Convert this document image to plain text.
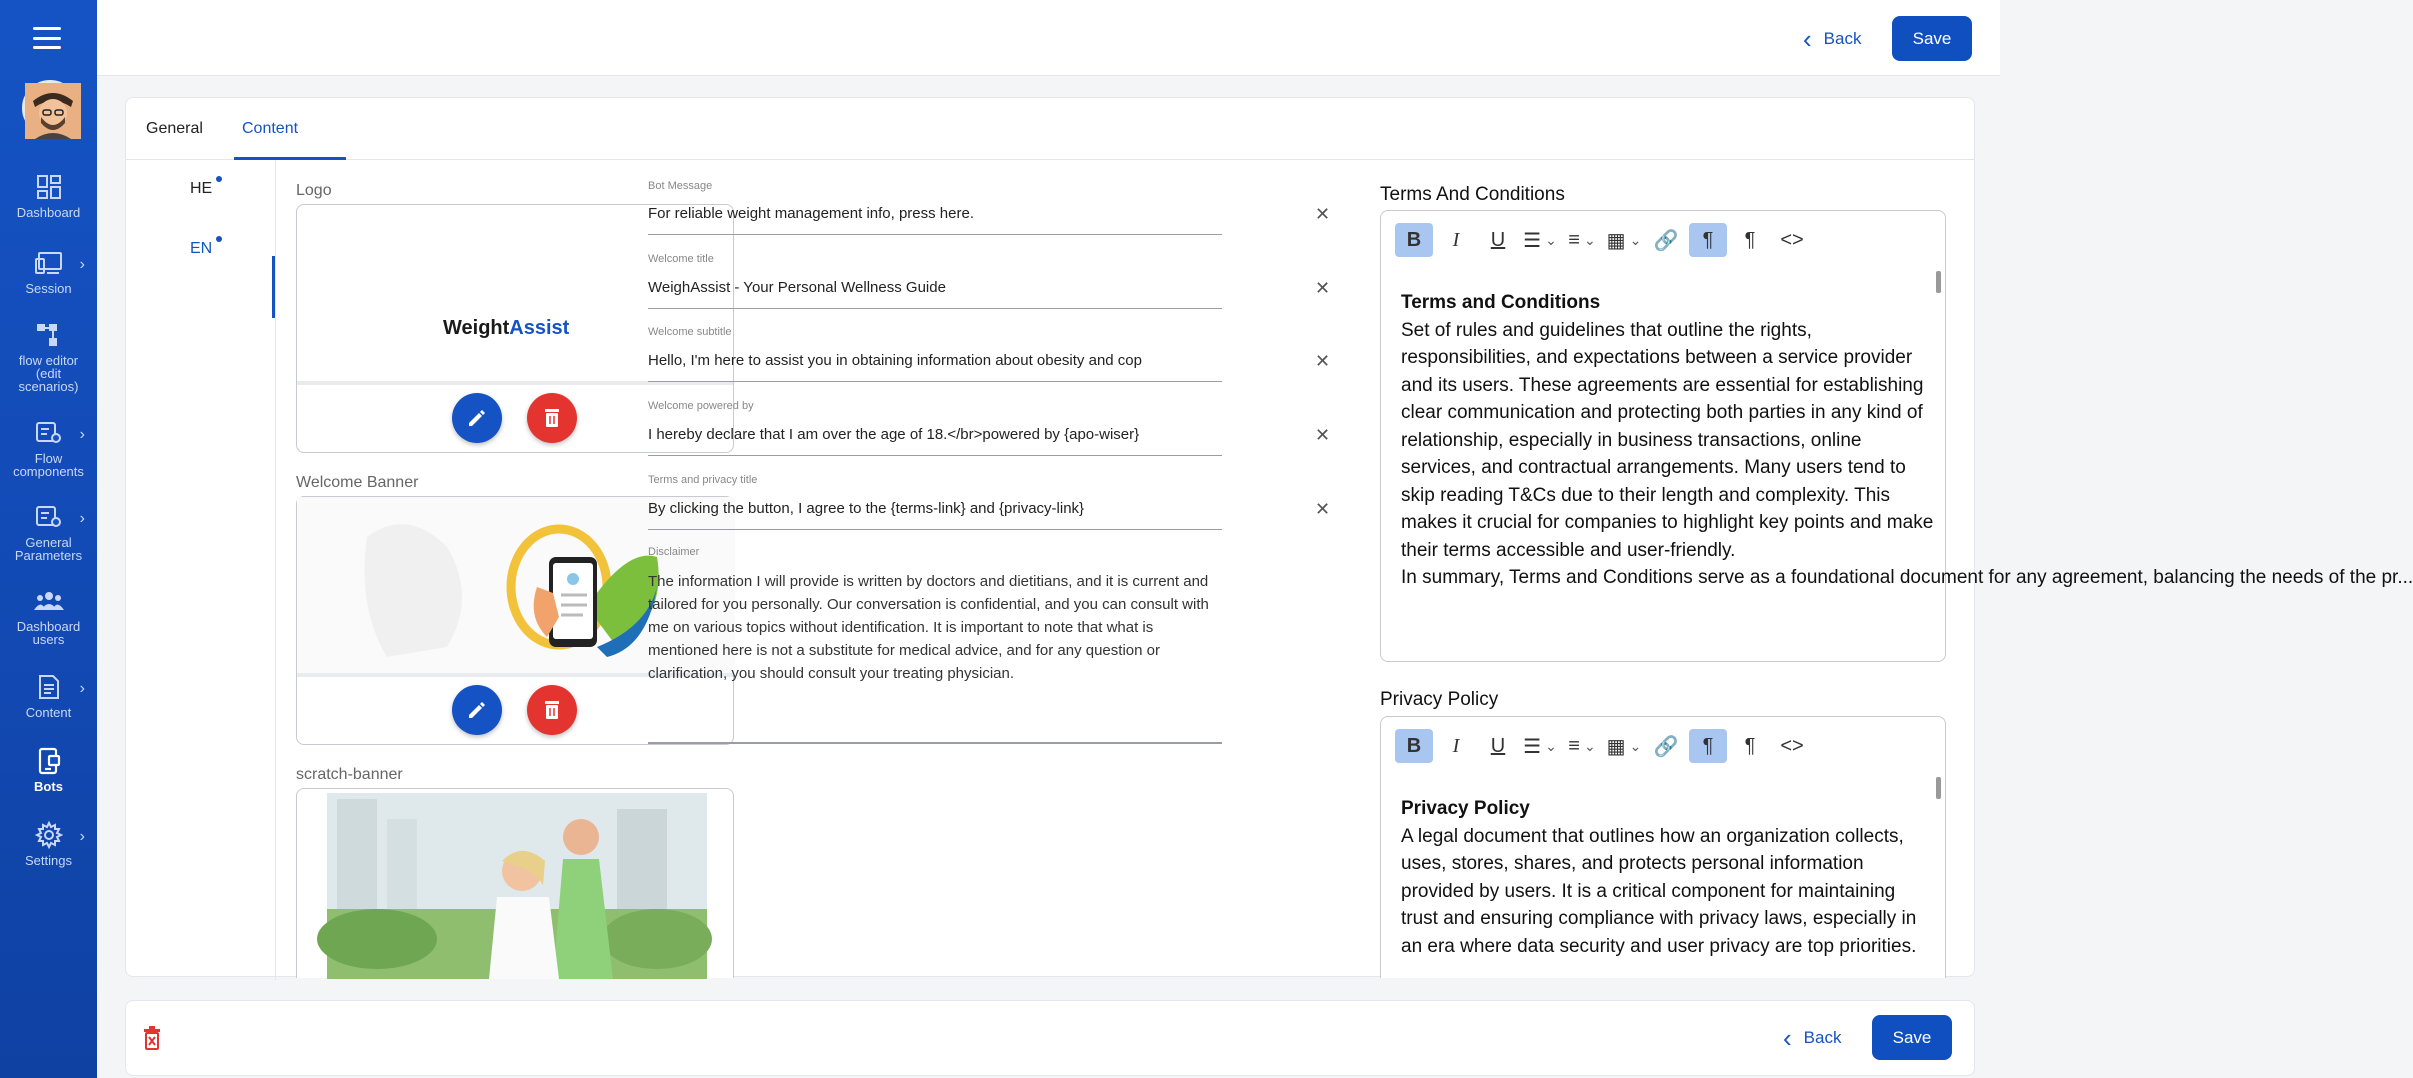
Dashboard
Session
›
flow editor (edit scenarios)
Flow components
›
General Parameters
›
Dashboard users
Content
›
Bots
Settings
›
‹ Back	Save
General Content
HE
EN
Logo
WeightAssist
Welcome Banner
scratch-banner
Bot Message
For reliable weight management info, press here.	✕
Welcome title
WeighAssist - Your Personal Wellness Guide	✕
Welcome subtitle
Hello, I'm here to assist you in obtaining information about obesity and cop	✕
Welcome powered by
I hereby declare that I am over the age of 18.</br>powered by {apo-wiser}	✕
Terms and privacy title
By clicking the button, I agree to the {terms-link} and {privacy-link}	✕
Disclaimer
The information I will provide is written by doctors and dietitians, and it is current and tailored for you personally. Our conversation is confidential, and you can consult with me on various topics without identification. It is important to note that what is mentioned here is not a substitute for medical advice, and for any question or clarification, you should consult your treating physician.
Terms And Conditions
B	I	U ☰ ⌄ ≡ ⌄ ▦ ⌄ 🔗 ¶ ¶ <>
Terms and Conditions
Set of rules and guidelines that outline the rights, responsibilities, and expectations between a service provider and its users. These agreements are essential for establishing clear communication and protecting both parties in any kind of relationship, especially in business transactions, online services, and contractual arrangements. Many users tend to skip reading T&Cs due to their length and complexity. This makes it crucial for companies to highlight key points and make their terms accessible and user-friendly.
In summary, Terms and Conditions serve as a foundational document for any agreement, balancing the needs of the pr...
Privacy Policy
B	I	U ☰ ⌄ ≡ ⌄ ▦ ⌄ 🔗 ¶ ¶ <>
Privacy Policy
A legal document that outlines how an organization collects, uses, stores, shares, and protects personal information provided by users. It is a critical component for maintaining trust and ensuring compliance with privacy laws, especially in an era where data security and user privacy are top priorities.
‹ Back	Save
